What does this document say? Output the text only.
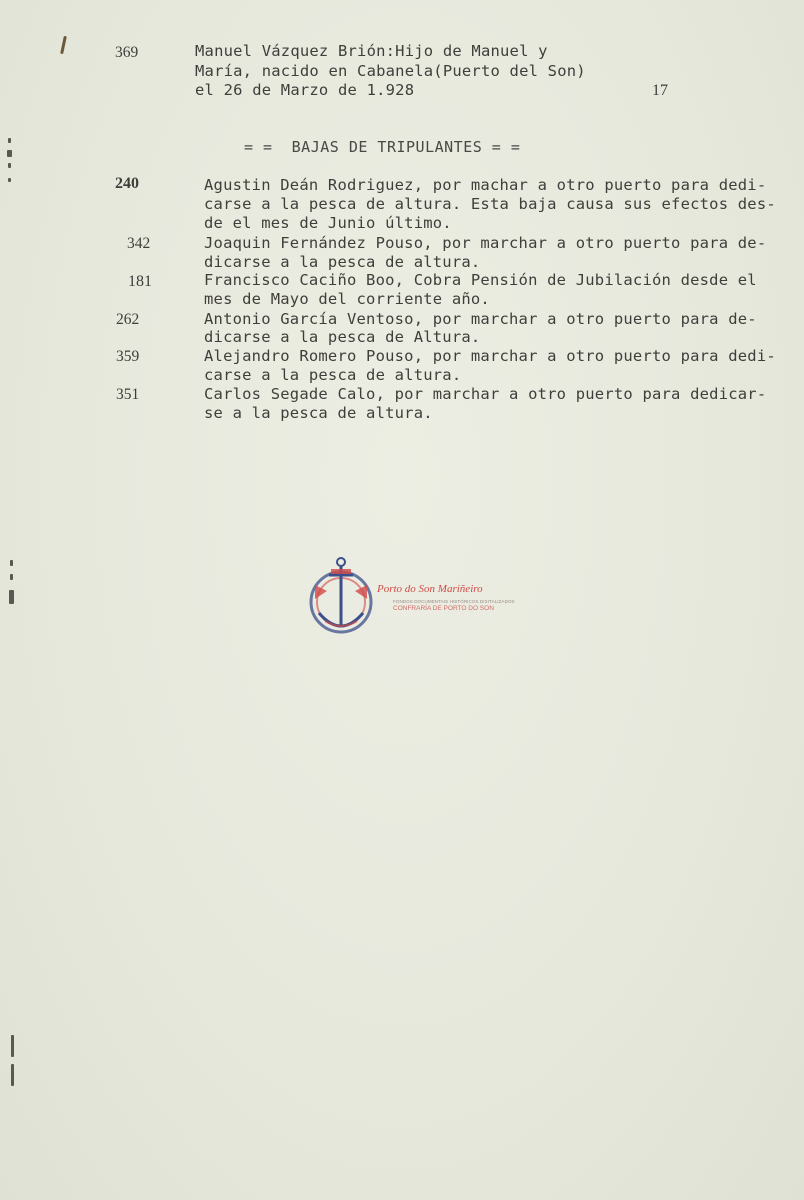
369	Manuel Vázquez Brión:Hijo de Manuel y
María, nacido en Cabanela(Puerto del Son)
el 26 de Marzo de 1.928	17
= =  BAJAS DE TRIPULANTES = =
240	Agustin Deán Rodriguez, por machar a otro puerto para dedi-
carse a la pesca de altura. Esta baja causa sus efectos des-
de el mes de Junio último.
342	Joaquin Fernández Pouso, por marchar a otro puerto para de-
dicarse a la pesca de altura.
181	Francisco Caciño Boo, Cobra Pensión de Jubilación desde el
mes de Mayo del corriente año.
262	Antonio García Ventoso, por marchar a otro puerto para de-
dicarse a la pesca de Altura.
359	Alejandro Romero Pouso, por marchar a otro puerto para dedi-
carse a la pesca de altura.
351	Carlos Segade Calo, por marchar a otro puerto para dedicar-
se a la pesca de altura.
Porto do Son Mariñeiro
FONDOS DOCUMENTAIS HISTÓRICOS DIXITALIZADOS
CONFRARÍA DE PORTO DO SON
